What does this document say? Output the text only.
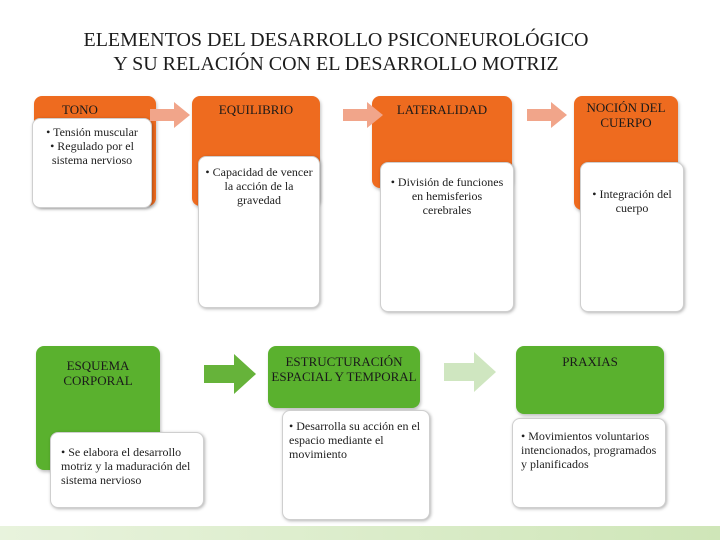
ELEMENTOS DEL DESARROLLO PSICONEUROLÓGICO
Y SU RELACIÓN CON EL DESARROLLO MOTRIZ
TONO
• Tensión muscular
• Regulado por el sistema nervioso
EQUILIBRIO
• Capacidad de vencer la acción de la gravedad
LATERALIDAD
• División de funciones en hemisferios cerebrales
NOCIÓN DEL CUERPO
• Integración del cuerpo
ESQUEMA CORPORAL
• Se elabora el desarrollo motriz y la maduración del sistema nervioso
ESTRUCTURACIÓN ESPACIAL Y TEMPORAL
• Desarrolla su acción en el espacio mediante el movimiento
PRAXIAS
• Movimientos voluntarios intencionados, programados y planificados
